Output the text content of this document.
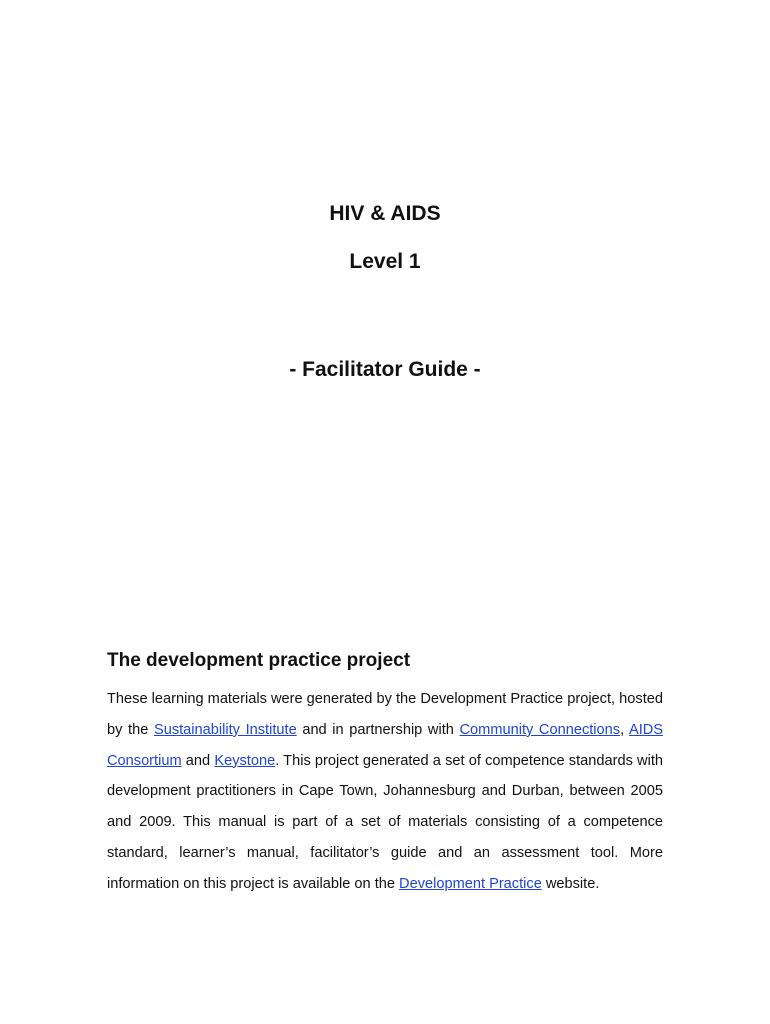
HIV & AIDS
Level 1
- Facilitator Guide -
The development practice project

These learning materials were generated by the Development Practice project, hosted by the Sustainability Institute and in partnership with Community Connections, AIDS Consortium and Keystone. This project generated a set of competence standards with development practitioners in Cape Town, Johannesburg and Durban, between 2005 and 2009. This manual is part of a set of materials consisting of a competence standard, learner’s manual, facilitator’s guide and an assessment tool. More information on this project is available on the Development Practice website.
